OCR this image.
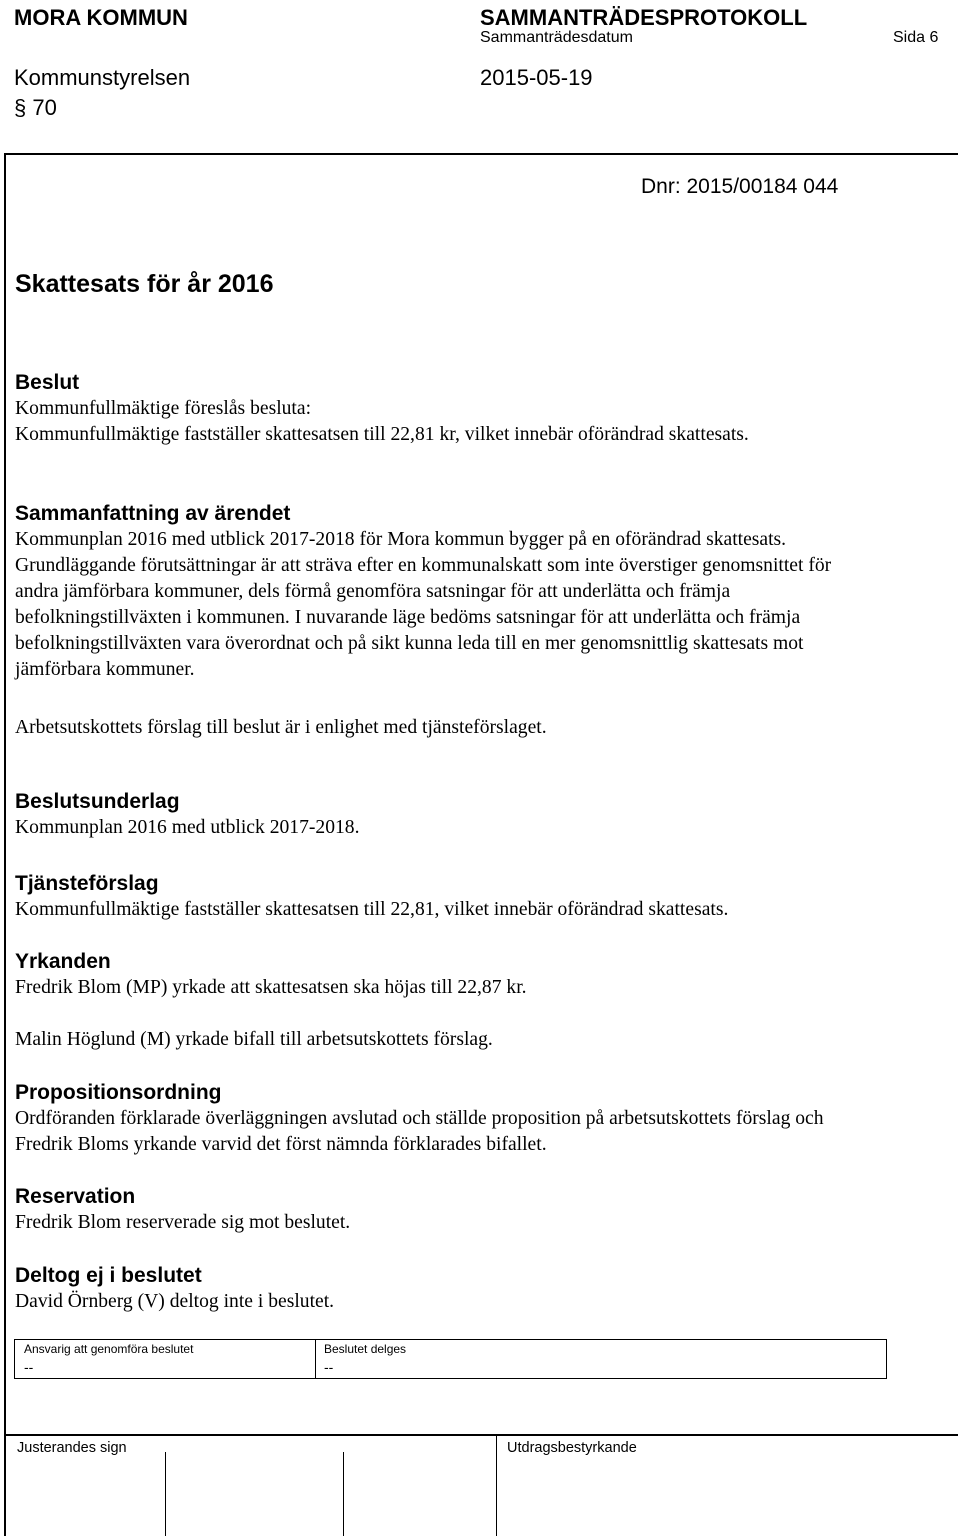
MORA KOMMUN	SAMMANTRÄDESPROTOKOLL
Sammanträdesdatum	Sida 6
Kommunstyrelsen	2015-05-19
§ 70
Dnr: 2015/00184 044
Skattesats för år 2016
Beslut
Kommunfullmäktige föreslås besluta:
Kommunfullmäktige fastställer skattesatsen till 22,81 kr, vilket innebär oförändrad skattesats.
Sammanfattning av ärendet
Kommunplan 2016 med utblick 2017-2018 för Mora kommun bygger på en oförändrad skattesats.
Grundläggande förutsättningar är att sträva efter en kommunalskatt som inte överstiger genomsnittet för
andra jämförbara kommuner, dels förmå genomföra satsningar för att underlätta och främja
befolkningstillväxten i kommunen. I nuvarande läge bedöms satsningar för att underlätta och främja
befolkningstillväxten vara överordnat och på sikt kunna leda till en mer genomsnittlig skattesats mot
jämförbara kommuner.
Arbetsutskottets förslag till beslut är i enlighet med tjänsteförslaget.
Beslutsunderlag
Kommunplan 2016 med utblick 2017-2018.
Tjänsteförslag
Kommunfullmäktige fastställer skattesatsen till 22,81, vilket innebär oförändrad skattesats.
Yrkanden
Fredrik Blom (MP) yrkade att skattesatsen ska höjas till 22,87 kr.
Malin Höglund (M) yrkade bifall till arbetsutskottets förslag.
Propositionsordning
Ordföranden förklarade överläggningen avslutad och ställde proposition på arbetsutskottets förslag och
Fredrik Bloms yrkande varvid det först nämnda förklarades bifallet.
Reservation
Fredrik Blom reserverade sig mot beslutet.
Deltog ej i beslutet
David Örnberg (V) deltog inte i beslutet.
Ansvarig att genomföra beslutet
--
Beslutet delges
--
Justerandes sign	Utdragsbestyrkande
